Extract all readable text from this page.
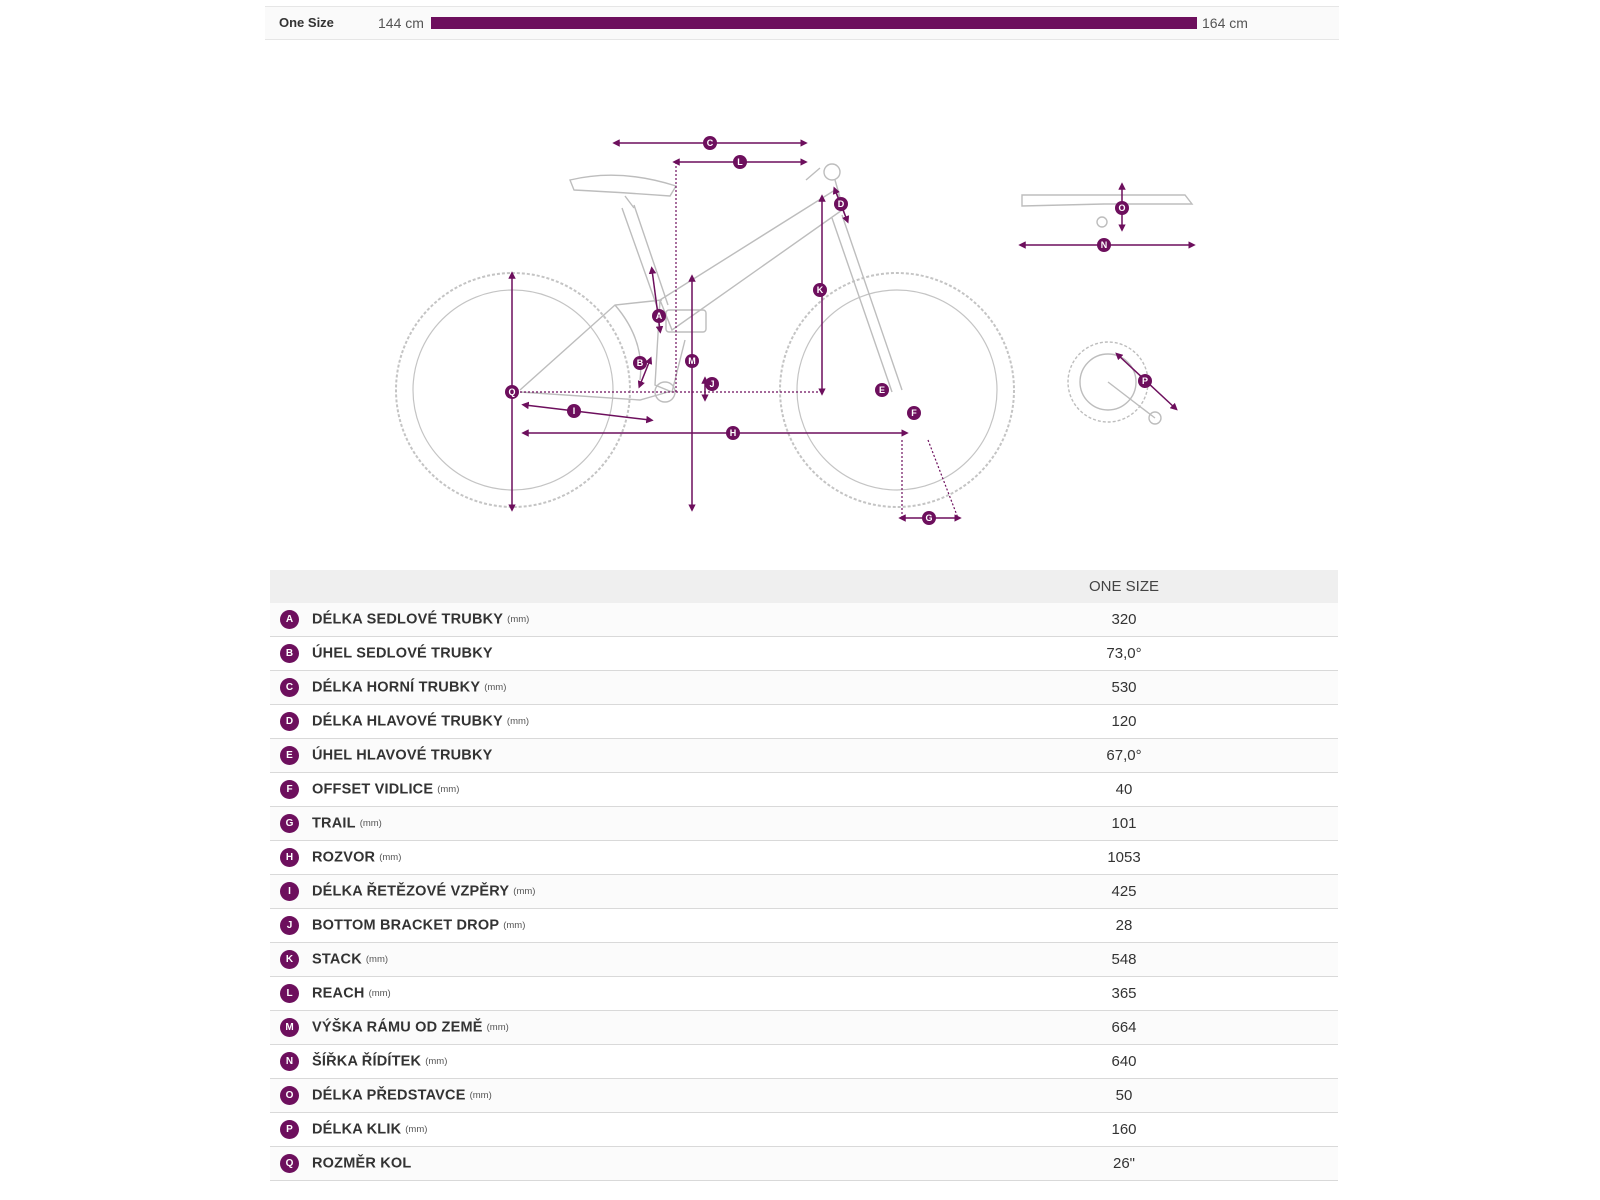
One Size	144 cm	164 cm
C
L
D
K
A
B	M
J
E
F
Q
I
H
G
O
N
P
	ONE SIZE
A DÉLKA SEDLOVÉ TRUBKY (mm)	320
B ÚHEL SEDLOVÉ TRUBKY	73,0°
C DÉLKA HORNÍ TRUBKY (mm)	530
D DÉLKA HLAVOVÉ TRUBKY (mm)	120
E ÚHEL HLAVOVÉ TRUBKY	67,0°
F OFFSET VIDLICE (mm)	40
G TRAIL (mm)	101
H ROZVOR (mm)	1053
I DÉLKA ŘETĚZOVÉ VZPĚRY (mm)	425
J BOTTOM BRACKET DROP (mm)	28
K STACK (mm)	548
L REACH (mm)	365
M VÝŠKA RÁMU OD ZEMĚ (mm)	664
N ŠÍŘKA ŘÍDÍTEK (mm)	640
O DÉLKA PŘEDSTAVCE (mm)	50
P DÉLKA KLIK (mm)	160
Q ROZMĚR KOL	26"
